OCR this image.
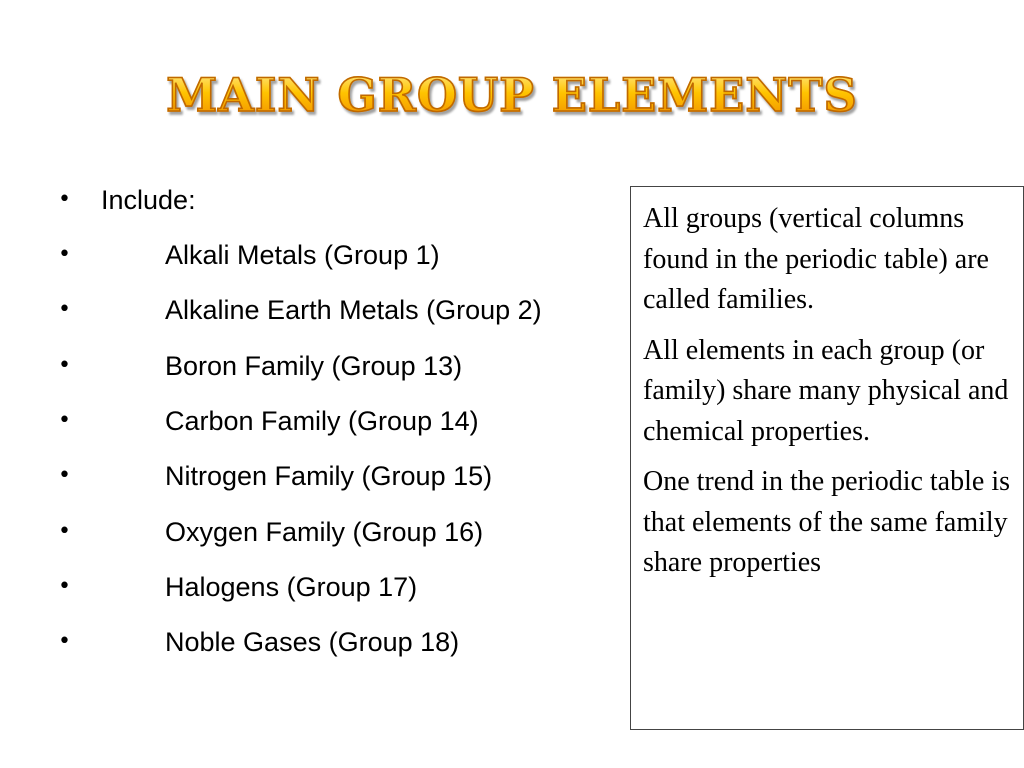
MAIN GROUP ELEMENTS
• Include:
•	Alkali Metals (Group 1)
•	Alkaline Earth Metals (Group 2)
•	Boron Family (Group 13)
•	Carbon Family (Group 14)
•	Nitrogen Family (Group 15)
•	Oxygen Family (Group 16)
•	Halogens (Group 17)
•	Noble Gases (Group 18)

All groups (vertical columns found in the periodic table) are called families.

All elements in each group (or family) share many physical and chemical properties.

One trend in the periodic table is that elements of the same family share properties
